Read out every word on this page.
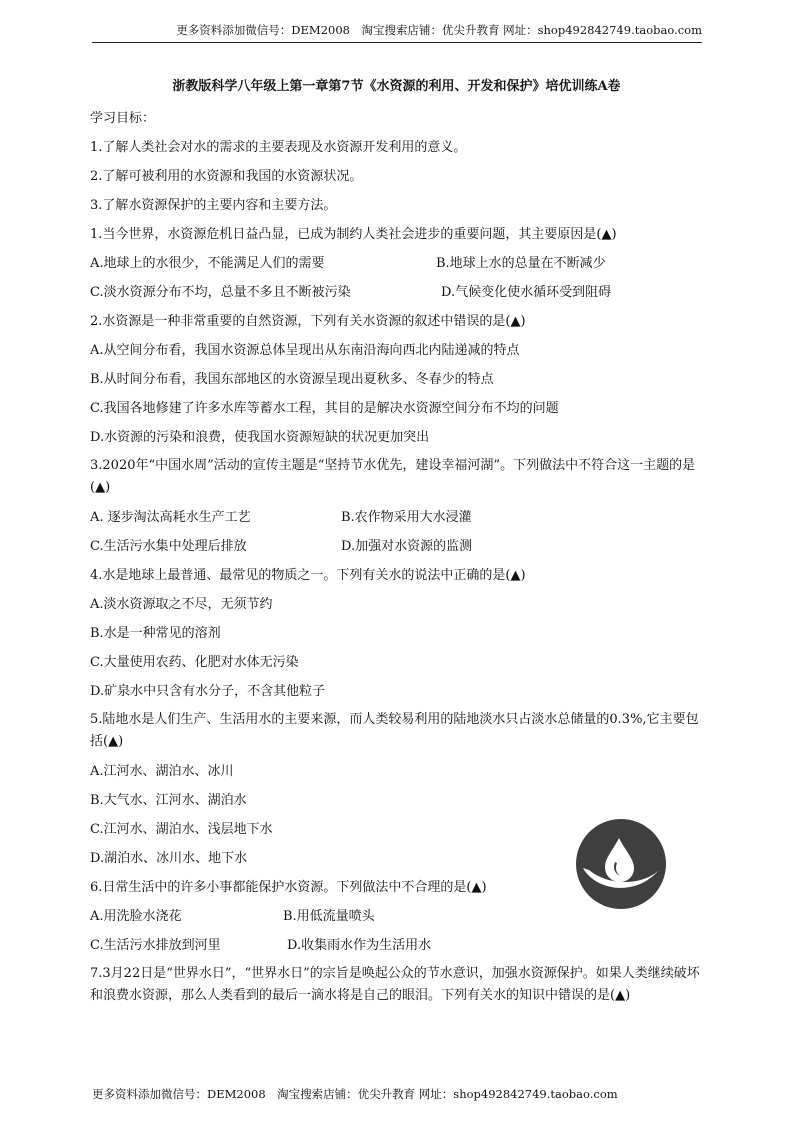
更多资料添加微信号：DEM2008　淘宝搜索店铺：优尖升教育 网址：shop492842749.taobao.com
浙教版科学八年级上第一章第7节《水资源的利用、开发和保护》培优训练A卷
学习目标：
1.了解人类社会对水的需求的主要表现及水资源开发利用的意义。
2.了解可被利用的水资源和我国的水资源状况。
3.了解水资源保护的主要内容和主要方法。
1.当今世界，水资源危机日益凸显，已成为制约人类社会进步的重要问题，其主要原因是(▲)
A.地球上的水很少，不能满足人们的需要	B.地球上水的总量在不断减少
C.淡水资源分布不均，总量不多且不断被污染	D.气候变化使水循环受到阻碍
2.水资源是一种非常重要的自然资源，下列有关水资源的叙述中错误的是(▲)
A.从空间分布看，我国水资源总体呈现出从东南沿海向西北内陆递减的特点
B.从时间分布看，我国东部地区的水资源呈现出夏秋多、冬春少的特点
C.我国各地修建了许多水库等蓄水工程，其目的是解决水资源空间分布不均的问题
D.水资源的污染和浪费，使我国水资源短缺的状况更加突出
3.2020年“中国水周”活动的宣传主题是“坚持节水优先，建设幸福河湖”。下列做法中不符合这一主题的是(▲)
A. 逐步淘汰高耗水生产工艺	B.农作物采用大水浸灌
C.生活污水集中处理后排放	D.加强对水资源的监测
4.水是地球上最普通、最常见的物质之一。下列有关水的说法中正确的是(▲)
A.淡水资源取之不尽，无须节约
B.水是一种常见的溶剂
C.大量使用农药、化肥对水体无污染
D.矿泉水中只含有水分子，不含其他粒子
5.陆地水是人们生产、生活用水的主要来源，而人类较易利用的陆地淡水只占淡水总储量的0.3%,它主要包括(▲)
A.江河水、湖泊水、冰川
B.大气水、江河水、湖泊水
C.江河水、湖泊水、浅层地下水
D.湖泊水、冰川水、地下水
6.日常生活中的许多小事都能保护水资源。下列做法中不合理的是(▲)
A.用洗脸水浇花	B.用低流量喷头
C.生活污水排放到河里	D.收集雨水作为生活用水
7.3月22日是“世界水日”，“世界水日”的宗旨是唤起公众的节水意识，加强水资源保护。如果人类继续破坏和浪费水资源，那么人类看到的最后一滴水将是自己的眼泪。下列有关水的知识中错误的是(▲)
更多资料添加微信号：DEM2008　淘宝搜索店铺：优尖升教育 网址：shop492842749.taobao.com
